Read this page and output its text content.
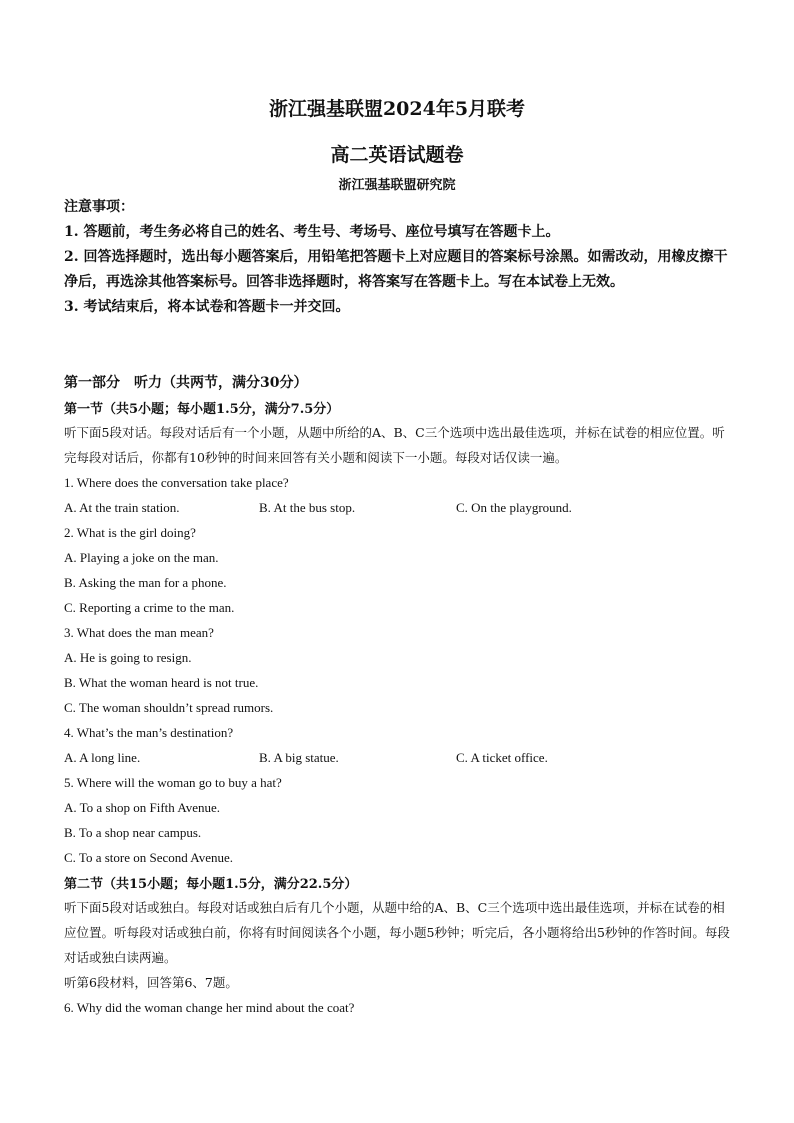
浙江强基联盟2024年5月联考
高二英语试题卷
浙江强基联盟研究院

注意事项：

1. 答题前，考生务必将自己的姓名、考生号、考场号、座位号填写在答题卡上。

2. 回答选择题时，选出每小题答案后，用铅笔把答题卡上对应题目的答案标号涂黑。如需改动，用橡皮擦干净后，再选涂其他答案标号。回答非选择题时，将答案写在答题卡上。写在本试卷上无效。

3. 考试结束后，将本试卷和答题卡一并交回。

第一部分　听力（共两节，满分30分）
第一节（共5小题；每小题1.5分，满分7.5分）

听下面5段对话。每段对话后有一个小题，从题中所给的A、B、C三个选项中选出最佳选项，并标在试卷的相应位置。听完每段对话后，你都有10秒钟的时间来回答有关小题和阅读下一小题。每段对话仅读一遍。

1. Where does the conversation take place?

A. At the train station.	B. At the bus stop.	C. On the playground.

2. What is the girl doing?

A. Playing a joke on the man.

B. Asking the man for a phone.

C. Reporting a crime to the man.

3. What does the man mean?

A. He is going to resign.

B. What the woman heard is not true.

C. The woman shouldn’t spread rumors.

4. What’s the man’s destination?

A. A long line.	B. A big statue.	C. A ticket office.

5. Where will the woman go to buy a hat?

A. To a shop on Fifth Avenue.

B. To a shop near campus.

C. To a store on Second Avenue.

第二节（共15小题；每小题1.5分，满分22.5分）

听下面5段对话或独白。每段对话或独白后有几个小题，从题中给的A、B、C三个选项中选出最佳选项，并标在试卷的相应位置。听每段对话或独白前，你将有时间阅读各个小题，每小题5秒钟；听完后，各小题将给出5秒钟的作答时间。每段对话或独白读两遍。

听第6段材料，回答第6、7题。

6. Why did the woman change her mind about the coat?
